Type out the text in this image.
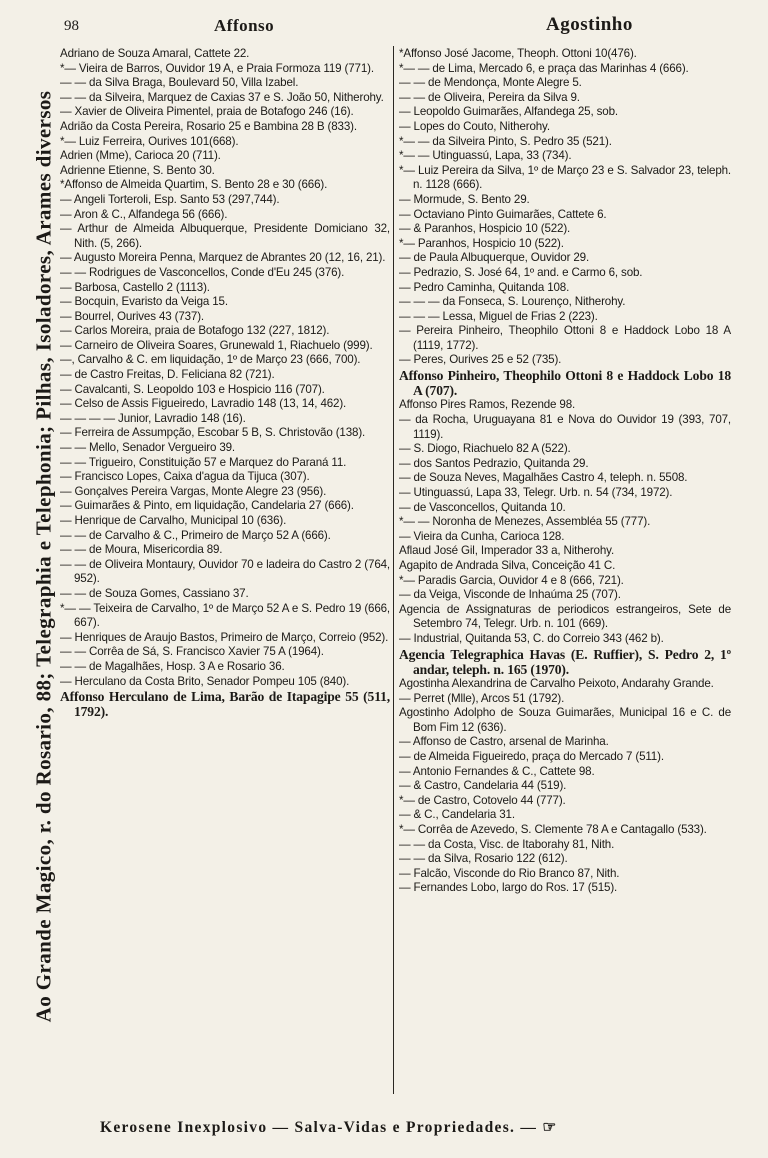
Ao Grande Magico, r. do Rosario, 88; Telegraphia e Telephonia; Pilhas, Isoladores, Arames diversos
98	Affonso	Agostinho
Adriano de Souza Amaral, Cattete 22.
*— Vieira de Barros, Ouvidor 19 A, e Praia Formoza 119 (771).
— — da Silva Braga, Boulevard 50, Villa Izabel.
— — da Silveira, Marquez de Caxias 37 e S. João 50, Nitherohy.
— Xavier de Oliveira Pimentel, praia de Botafogo 246 (16).
Adrião da Costa Pereira, Rosario 25 e Bambina 28 B (833).
*— Luiz Ferreira, Ourives 101(668).
Adrien (Mme), Carioca 20 (711).
Adrienne Etienne, S. Bento 30.
*Affonso de Almeida Quartim, S. Bento 28 e 30 (666).
— Angeli Torteroli, Esp. Santo 53 (297,744).
— Aron & C., Alfandega 56 (666).
— Arthur de Almeida Albuquerque, Presidente Domiciano 32, Nith. (5, 266).
— Augusto Moreira Penna, Marquez de Abrantes 20 (12, 16, 21).
— — Rodrigues de Vasconcellos, Conde d'Eu 245 (376).
— Barbosa, Castello 2 (1113).
— Bocquin, Evaristo da Veiga 15.
— Bourrel, Ourives 43 (737).
— Carlos Moreira, praia de Botafogo 132 (227, 1812).
— Carneiro de Oliveira Soares, Grunewald 1, Riachuelo (999).
—, Carvalho & C. em liquidação, 1º de Março 23 (666, 700).
— de Castro Freitas, D. Feliciana 82 (721).
— Cavalcanti, S. Leopoldo 103 e Hospicio 116 (707).
— Celso de Assis Figueiredo, Lavradio 148 (13, 14, 462).
— — — — Junior, Lavradio 148 (16).
— Ferreira de Assumpção, Escobar 5 B, S. Christovão (138).
— — Mello, Senador Vergueiro 39.
— — Trigueiro, Constituição 57 e Marquez do Paraná 11.
— Francisco Lopes, Caixa d'agua da Tijuca (307).
— Gonçalves Pereira Vargas, Monte Alegre 23 (956).
— Guimarães & Pinto, em liquidação, Candelaria 27 (666).
— Henrique de Carvalho, Municipal 10 (636).
— — de Carvalho & C., Primeiro de Março 52 A (666).
— — de Moura, Misericordia 89.
— — de Oliveira Montaury, Ouvidor 70 e ladeira do Castro 2 (764, 952).
— — de Souza Gomes, Cassiano 37.
*— — Teixeira de Carvalho, 1º de Março 52 A e S. Pedro 19 (666, 667).
— Henriques de Araujo Bastos, Primeiro de Março, Correio (952).
— — Corrêa de Sá, S. Francisco Xavier 75 A (1964).
— — de Magalhães, Hosp. 3 A e Rosario 36.
— Herculano da Costa Brito, Senador Pompeu 105 (840).
Affonso Herculano de Lima, Barão de Itapagipe 55 (511, 1792).
*Affonso José Jacome, Theoph. Ottoni 10(476).
*— — de Lima, Mercado 6, e praça das Marinhas 4 (666).
— — de Mendonça, Monte Alegre 5.
— — de Oliveira, Pereira da Silva 9.
— Leopoldo Guimarães, Alfandega 25, sob.
— Lopes do Couto, Nitherohy.
*— — da Silveira Pinto, S. Pedro 35 (521).
*— — Utinguassú, Lapa, 33 (734).
*— Luiz Pereira da Silva, 1º de Março 23 e S. Salvador 23, teleph. n. 1128 (666).
— Mormude, S. Bento 29.
— Octaviano Pinto Guimarães, Cattete 6.
— & Paranhos, Hospicio 10 (522).
*— Paranhos, Hospicio 10 (522).
— de Paula Albuquerque, Ouvidor 29.
— Pedrazio, S. José 64, 1º and. e Carmo 6, sob.
— Pedro Caminha, Quitanda 108.
— — — da Fonseca, S. Lourenço, Nitherohy.
— — — Lessa, Miguel de Frias 2 (223).
— Pereira Pinheiro, Theophilo Ottoni 8 e Haddock Lobo 18 A (1119, 1772).
— Peres, Ourives 25 e 52 (735).
Affonso Pinheiro, Theophilo Ottoni 8 e Haddock Lobo 18 A (707).
Affonso Pires Ramos, Rezende 98.
— da Rocha, Uruguayana 81 e Nova do Ouvidor 19 (393, 707, 1119).
— S. Diogo, Riachuelo 82 A (522).
— dos Santos Pedrazio, Quitanda 29.
— de Souza Neves, Magalhães Castro 4, teleph. n. 5508.
— Utinguassú, Lapa 33, Telegr. Urb. n. 54 (734, 1972).
— de Vasconcellos, Quitanda 10.
*— — Noronha de Menezes, Assembléa 55 (777).
— Vieira da Cunha, Carioca 128.
Aflaud José Gil, Imperador 33 a, Nitherohy.
Agapito de Andrada Silva, Conceição 41 C.
*— Paradis Garcia, Ouvidor 4 e 8 (666, 721).
— da Veiga, Visconde de Inhaúma 25 (707).
Agencia de Assignaturas de periodicos estrangeiros, Sete de Setembro 74, Telegr. Urb. n. 101 (669).
— Industrial, Quitanda 53, C. do Correio 343 (462 b).
Agencia Telegraphica Havas (E. Ruffier), S. Pedro 2, 1º andar, teleph. n. 165 (1970).
Agostinha Alexandrina de Carvalho Peixoto, Andarahy Grande.
— Perret (Mlle), Arcos 51 (1792).
Agostinho Adolpho de Souza Guimarães, Municipal 16 e C. de Bom Fim 12 (636).
— Affonso de Castro, arsenal de Marinha.
— de Almeida Figueiredo, praça do Mercado 7 (511).
— Antonio Fernandes & C., Cattete 98.
— & Castro, Candelaria 44 (519).
*— de Castro, Cotovelo 44 (777).
— & C., Candelaria 31.
*— Corrêa de Azevedo, S. Clemente 78 A e Cantagallo (533).
— — da Costa, Visc. de Itaborahy 81, Nith.
— — da Silva, Rosario 122 (612).
— Falcão, Visconde do Rio Branco 87, Nith.
— Fernandes Lobo, largo do Ros. 17 (515).
Kerosene Inexplosivo — Salva-Vidas e Propriedades. — ☞
